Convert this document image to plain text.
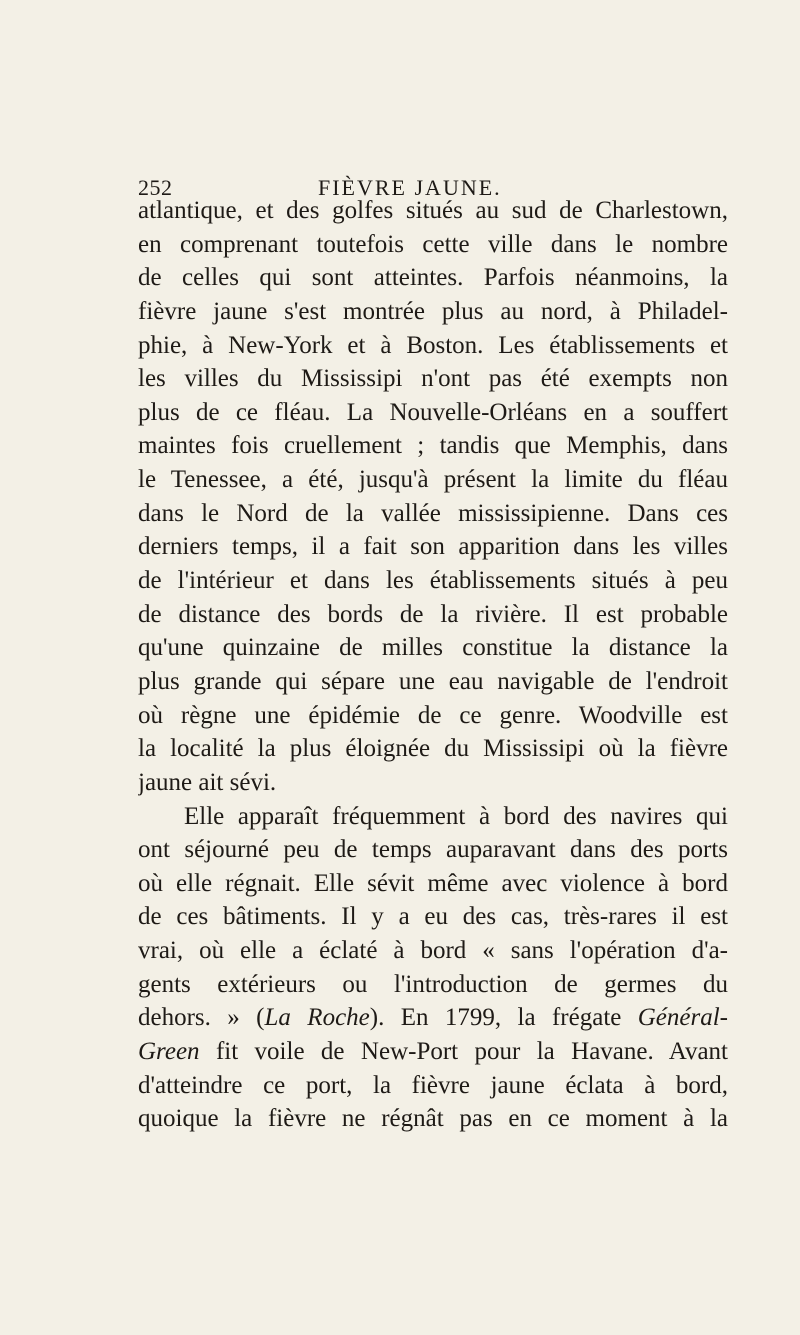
252	FIÈVRE JAUNE.
atlantique, et des golfes situés au sud de Charlestown,
en comprenant toutefois cette ville dans le nombre
de celles qui sont atteintes. Parfois néanmoins, la
fièvre jaune s'est montrée plus au nord, à Philadel-
phie, à New-York et à Boston. Les établissements et
les villes du Mississipi n'ont pas été exempts non
plus de ce fléau. La Nouvelle-Orléans en a souffert
maintes fois cruellement ; tandis que Memphis, dans
le Tenessee, a été, jusqu'à présent la limite du fléau
dans le Nord de la vallée mississipienne. Dans ces
derniers temps, il a fait son apparition dans les villes
de l'intérieur et dans les établissements situés à peu
de distance des bords de la rivière. Il est probable
qu'une quinzaine de milles constitue la distance la
plus grande qui sépare une eau navigable de l'endroit
où règne une épidémie de ce genre. Woodville est
la localité la plus éloignée du Mississipi où la fièvre
jaune ait sévi.
Elle apparaît fréquemment à bord des navires qui
ont séjourné peu de temps auparavant dans des ports
où elle régnait. Elle sévit même avec violence à bord
de ces bâtiments. Il y a eu des cas, très-rares il est
vrai, où elle a éclaté à bord « sans l'opération d'a-
gents extérieurs ou l'introduction de germes du
dehors. » (La Roche). En 1799, la frégate Général-
Green fit voile de New-Port pour la Havane. Avant
d'atteindre ce port, la fièvre jaune éclata à bord,
quoique la fièvre ne régnât pas en ce moment à la
